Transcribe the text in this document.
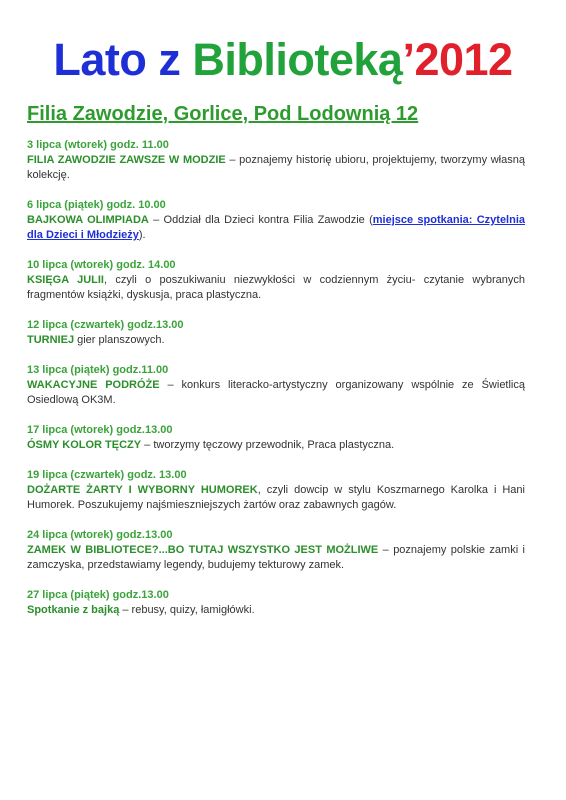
Lato z Biblioteką’2012
Filia Zawodzie, Gorlice, Pod Lodownią 12
3 lipca (wtorek) godz. 11.00
FILIA ZAWODZIE ZAWSZE W MODZIE – poznajemy historię ubioru, projektujemy, tworzymy własną kolekcję.
6 lipca (piątek) godz. 10.00
BAJKOWA OLIMPIADA – Oddział dla Dzieci kontra Filia Zawodzie (miejsce spotkania: Czytelnia dla Dzieci i Młodzieży).
10 lipca (wtorek) godz. 14.00
KSIĘGA JULII, czyli o poszukiwaniu niezwykłości w codziennym życiu- czytanie wybranych fragmentów książki, dyskusja, praca plastyczna.
12 lipca (czwartek) godz.13.00
TURNIEJ gier planszowych.
13 lipca (piątek) godz.11.00
WAKACYJNE PODRÓŻE – konkurs literacko-artystyczny organizowany wspólnie ze Świetlicą Osiedlową OK3M.
17 lipca (wtorek) godz.13.00
ÓSMY KOLOR TĘCZY – tworzymy tęczowy przewodnik, Praca plastyczna.
19 lipca (czwartek) godz. 13.00
DOŻARTE ŻARTY I WYBORNY HUMOREK, czyli dowcip w stylu Koszmarnego Karolka i Hani Humorek. Poszukujemy najśmieszniejszych żartów oraz zabawnych gagów.
24 lipca (wtorek) godz.13.00
ZAMEK W BIBLIOTECE?...BO TUTAJ WSZYSTKO JEST MOŻLIWE – poznajemy polskie zamki i zamczyska, przedstawiamy legendy, budujemy tekturowy zamek.
27 lipca (piątek) godz.13.00
Spotkanie z bajką – rebusy, quizy, łamigłówki.
